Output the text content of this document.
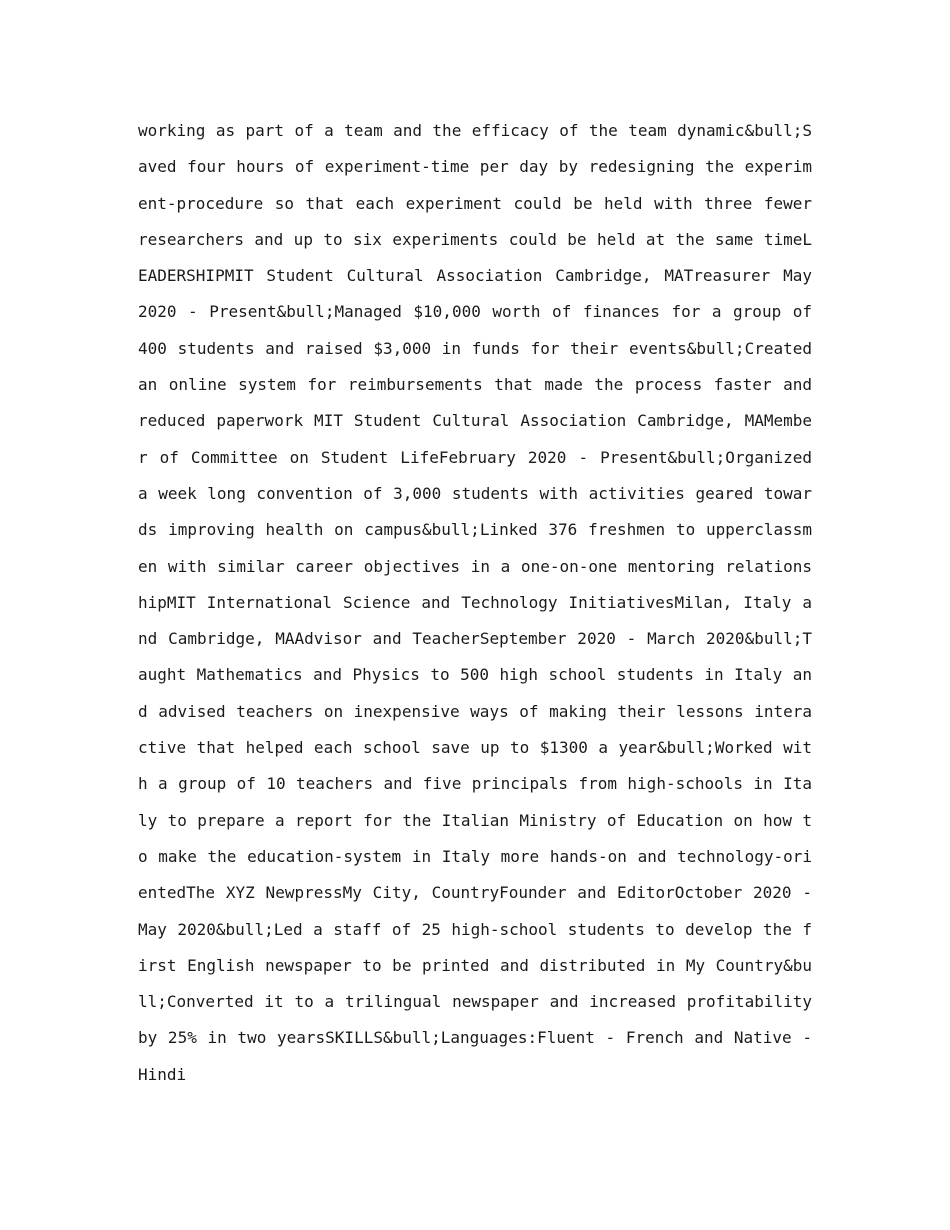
working as part of a team and the efficacy of the team dynamic&bull;Saved four hours of experiment-time per day by redesigning the experiment-procedure so that each experiment could be held with three fewer researchers and up to six experiments could be held at the same timeLEADERSHIPMIT Student Cultural Association Cambridge, MATreasurer May 2020 - Present&bull;Managed $10,000 worth of finances for a group of 400 students and raised $3,000 in funds for their events&bull;Created an online system for reimbursements that made the process faster and reduced paperwork MIT Student Cultural Association Cambridge, MAMember of Committee on Student LifeFebruary 2020 - Present&bull;Organized a week long convention of 3,000 students with activities geared towards improving health on campus&bull;Linked 376 freshmen to upperclassmen with similar career objectives in a one-on-one mentoring relationshipMIT International Science and Technology InitiativesMilan, Italy and Cambridge, MAAdvisor and TeacherSeptember 2020 - March 2020&bull;Taught Mathematics and Physics to 500 high school students in Italy and advised teachers on inexpensive ways of making their lessons interactive that helped each school save up to $1300 a year&bull;Worked with a group of 10 teachers and five principals from high-schools in Italy to prepare a report for the Italian Ministry of Education on how to make the education-system in Italy more hands-on and technology-orientedThe XYZ NewpressMy City, CountryFounder and EditorOctober 2020 - May 2020&bull;Led a staff of 25 high-school students to develop the first English newspaper to be printed and distributed in My Country&bull;Converted it to a trilingual newspaper and increased profitability by 25% in two yearsSKILLS&bull;Languages:Fluent - French and Native - Hindi
